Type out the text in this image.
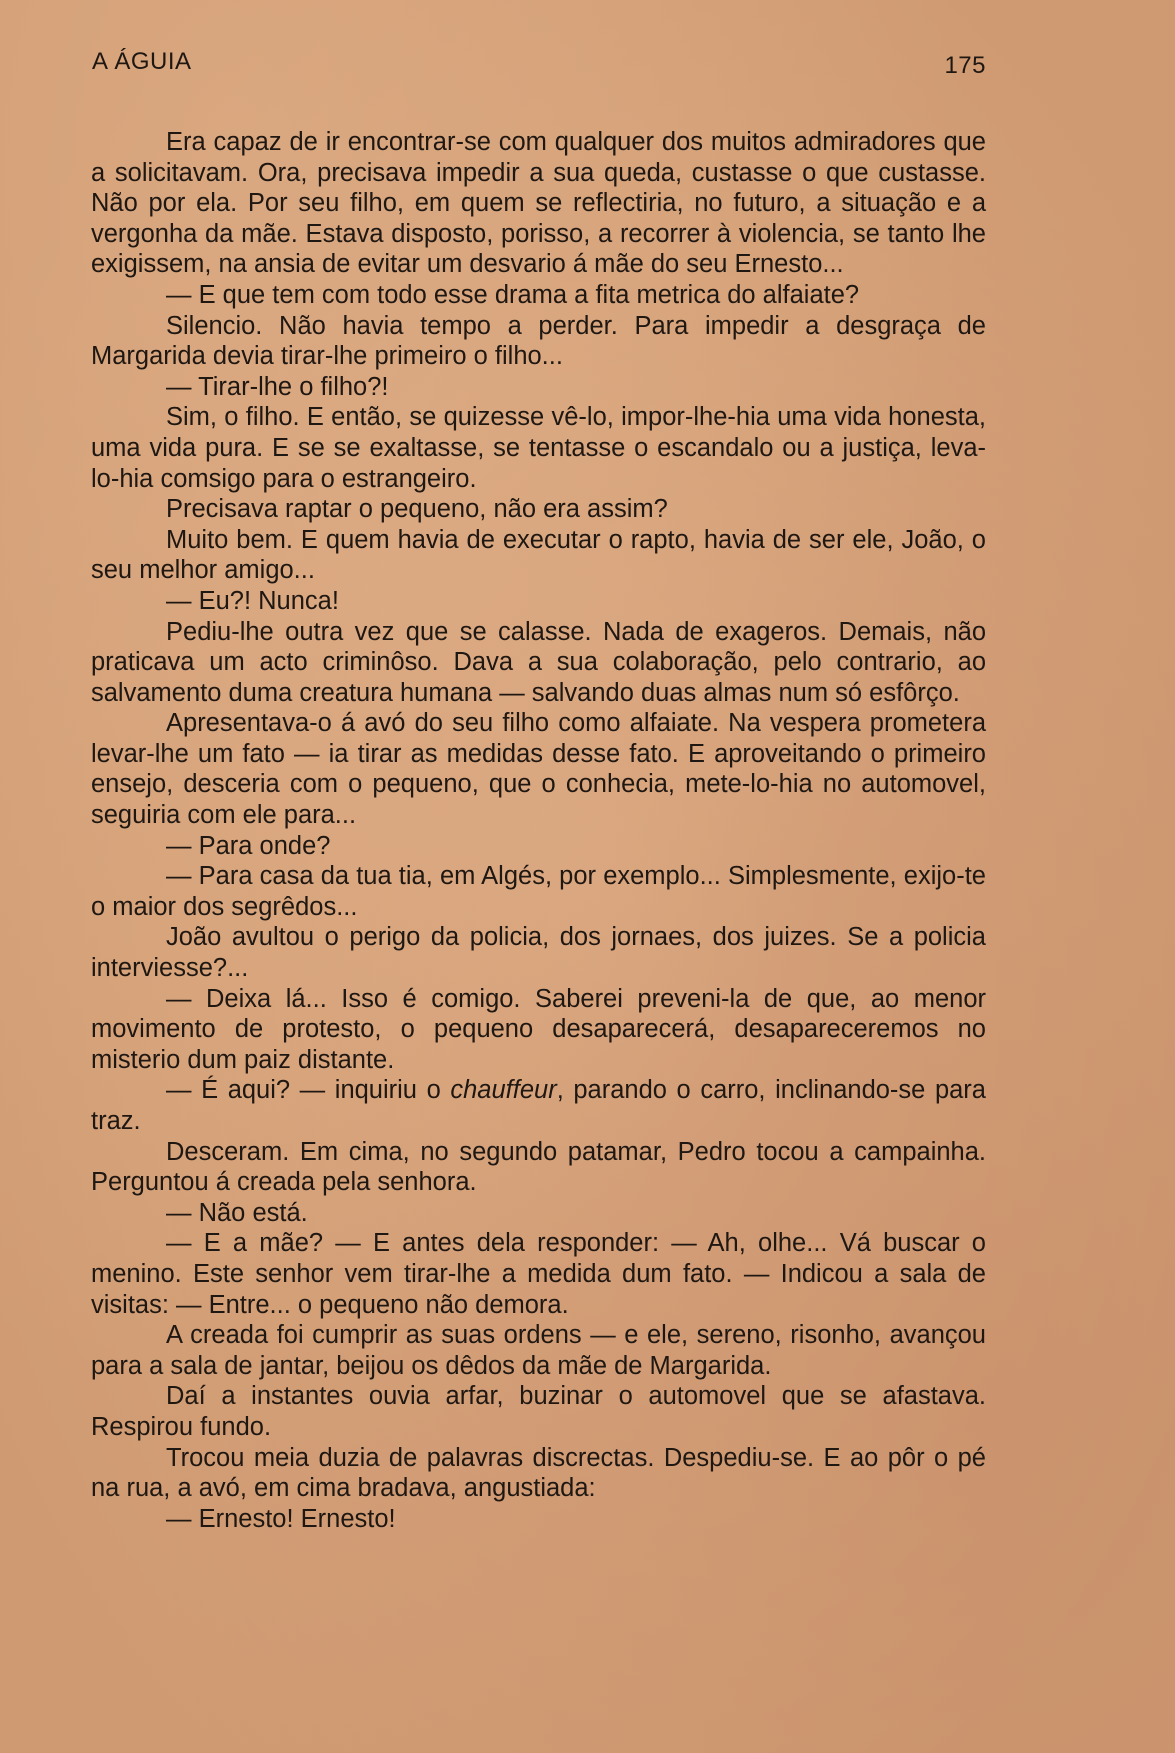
A ÁGUIA	175

Era capaz de ir encontrar-se com qualquer dos muitos admiradores que a solicitavam. Ora, precisava impedir a sua queda, custasse o que custasse. Não por ela. Por seu filho, em quem se reflectiria, no futuro, a situação e a vergonha da mãe. Estava disposto, porisso, a recorrer à violencia, se tanto lhe exigissem, na ansia de evitar um desvario á mãe do seu Ernesto...

— E que tem com todo esse drama a fita metrica do alfaiate?

Silencio. Não havia tempo a perder. Para impedir a desgraça de Margarida devia tirar-lhe primeiro o filho...

— Tirar-lhe o filho?!

Sim, o filho. E então, se quizesse vê-lo, impor-lhe-hia uma vida honesta, uma vida pura. E se se exaltasse, se tentasse o escandalo ou a justiça, leva-lo-hia comsigo para o estrangeiro.

Precisava raptar o pequeno, não era assim?

Muito bem. E quem havia de executar o rapto, havia de ser ele, João, o seu melhor amigo...

— Eu?! Nunca!

Pediu-lhe outra vez que se calasse. Nada de exageros. Demais, não praticava um acto criminôso. Dava a sua colaboração, pelo contrario, ao salvamento duma creatura humana — salvando duas almas num só esfôrço.

Apresentava-o á avó do seu filho como alfaiate. Na vespera prometera levar-lhe um fato — ia tirar as medidas desse fato. E aproveitando o primeiro ensejo, desceria com o pequeno, que o conhecia, mete-lo-hia no automovel, seguiria com ele para...

— Para onde?

— Para casa da tua tia, em Algés, por exemplo... Simplesmente, exijo-te o maior dos segrêdos...

João avultou o perigo da policia, dos jornaes, dos juizes. Se a policia interviesse?...

— Deixa lá... Isso é comigo. Saberei preveni-la de que, ao menor movimento de protesto, o pequeno desaparecerá, desapareceremos no misterio dum paiz distante.

— É aqui? — inquiriu o chauffeur, parando o carro, inclinando-se para traz.

Desceram. Em cima, no segundo patamar, Pedro tocou a campainha. Perguntou á creada pela senhora.

— Não está.

— E a mãe? — E antes dela responder: — Ah, olhe... Vá buscar o menino. Este senhor vem tirar-lhe a medida dum fato. — Indicou a sala de visitas: — Entre... o pequeno não demora.

A creada foi cumprir as suas ordens — e ele, sereno, risonho, avançou para a sala de jantar, beijou os dêdos da mãe de Margarida.

Daí a instantes ouvia arfar, buzinar o automovel que se afastava. Respirou fundo.

Trocou meia duzia de palavras discrectas. Despediu-se. E ao pôr o pé na rua, a avó, em cima bradava, angustiada:

— Ernesto! Ernesto!
